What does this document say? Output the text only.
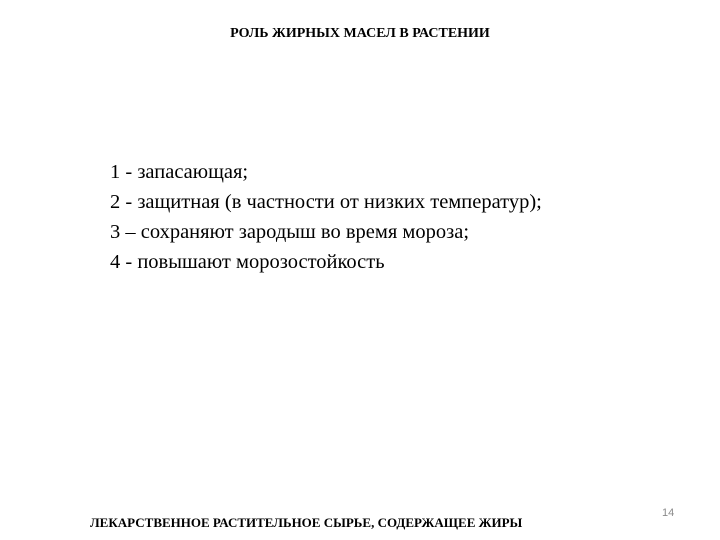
РОЛЬ ЖИРНЫХ МАСЕЛ В РАСТЕНИИ
1 - запасающая;
2 - защитная (в частности от низких температур);
3 – сохраняют зародыш во время мороза;
4 - повышают морозостойкость
ЛЕКАРСТВЕННОЕ РАСТИТЕЛЬНОЕ СЫРЬЕ, СОДЕРЖАЩЕЕ ЖИРЫ
14
